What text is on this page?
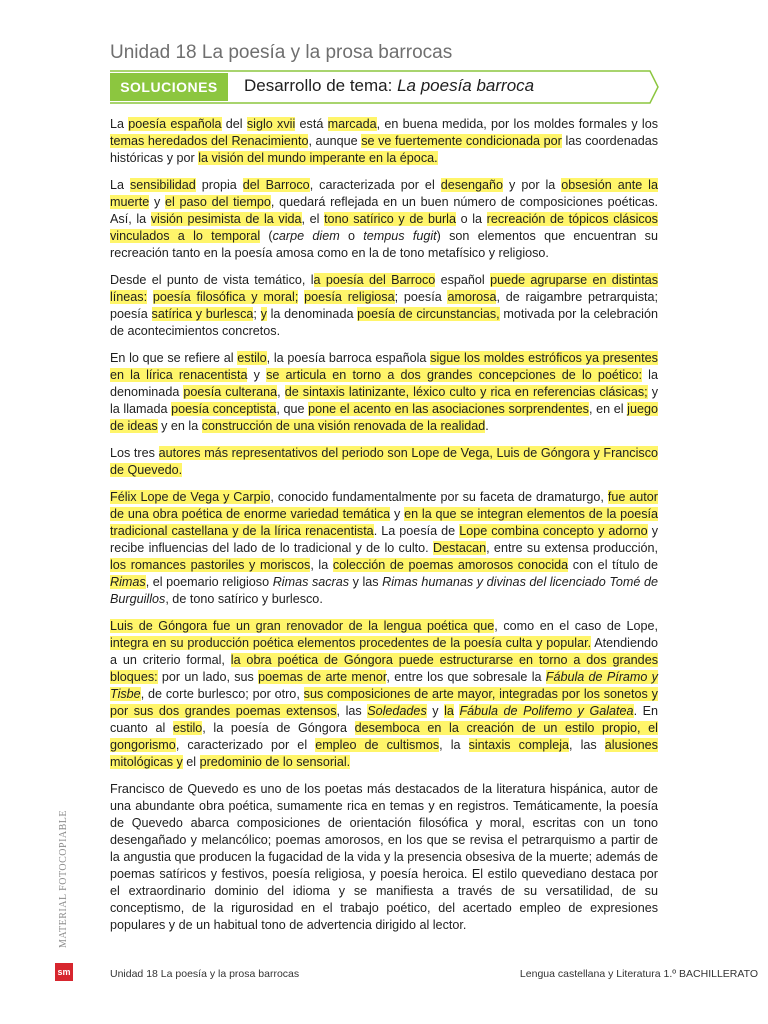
Unidad 18 La poesía y la prosa barrocas
SOLUCIONES	Desarrollo de tema: La poesía barroca

La poesía española del siglo xvii está marcada, en buena medida, por los moldes formales y los temas heredados del Renacimiento, aunque se ve fuertemente condicionada por las coordenadas históricas y por la visión del mundo imperante en la época.

La sensibilidad propia del Barroco, caracterizada por el desengaño y por la obsesión ante la muerte y el paso del tiempo, quedará reflejada en un buen número de composiciones poéticas. Así, la visión pesimista de la vida, el tono satírico y de burla o la recreación de tópicos clásicos vinculados a lo temporal (carpe diem o tempus fugit) son elementos que encuentran su recreación tanto en la poesía amosa como en la de tono metafísico y religioso.

Desde el punto de vista temático, la poesía del Barroco español puede agruparse en distintas líneas: poesía filosófica y moral; poesía religiosa; poesía amorosa, de raigambre petrarquista; poesía satírica y burlesca; y la denominada poesía de circunstancias, motivada por la celebración de acontecimientos concretos.

En lo que se refiere al estilo, la poesía barroca española sigue los moldes estróficos ya presentes en la lírica renacentista y se articula en torno a dos grandes concepciones de lo poético: la denominada poesía culterana, de sintaxis latinizante, léxico culto y rica en referencias clásicas; y la llamada poesía conceptista, que pone el acento en las asociaciones sorprendentes, en el juego de ideas y en la construcción de una visión renovada de la realidad.

Los tres autores más representativos del periodo son Lope de Vega, Luis de Góngora y Francisco de Quevedo.

Félix Lope de Vega y Carpio, conocido fundamentalmente por su faceta de dramaturgo, fue autor de una obra poética de enorme variedad temática y en la que se integran elementos de la poesía tradicional castellana y de la lírica renacentista. La poesía de Lope combina concepto y adorno y recibe influencias del lado de lo tradicional y de lo culto. Destacan, entre su extensa producción, los romances pastoriles y moriscos, la colección de poemas amorosos conocida con el título de Rimas, el poemario religioso Rimas sacras y las Rimas humanas y divinas del licenciado Tomé de Burguillos, de tono satírico y burlesco.

Luis de Góngora fue un gran renovador de la lengua poética que, como en el caso de Lope, integra en su producción poética elementos procedentes de la poesía culta y popular. Atendiendo a un criterio formal, la obra poética de Góngora puede estructurarse en torno a dos grandes bloques: por un lado, sus poemas de arte menor, entre los que sobresale la Fábula de Píramo y Tisbe, de corte burlesco; por otro, sus composiciones de arte mayor, integradas por los sonetos y por sus dos grandes poemas extensos, las Soledades y la Fábula de Polifemo y Galatea. En cuanto al estilo, la poesía de Góngora desemboca en la creación de un estilo propio, el gongorismo, caracterizado por el empleo de cultismos, la sintaxis compleja, las alusiones mitológicas y el predominio de lo sensorial.

Francisco de Quevedo es uno de los poetas más destacados de la literatura hispánica, autor de una abundante obra poética, sumamente rica en temas y en registros. Temáticamente, la poesía de Quevedo abarca composiciones de orientación filosófica y moral, escritas con un tono desengañado y melancólico; poemas amorosos, en los que se revisa el petrarquismo a partir de la angustia que producen la fugacidad de la vida y la presencia obsesiva de la muerte; además de poemas satíricos y festivos, poesía religiosa, y poesía heroica. El estilo quevediano destaca por el extraordinario dominio del idioma y se manifiesta a través de su versatilidad, de su conceptismo, de la rigurosidad en el trabajo poético, del acertado empleo de expresiones populares y de un habitual tono de advertencia dirigido al lector.

MATERIAL FOTOCOPIABLE
sm	Unidad 18 La poesía y la prosa barrocas	Lengua castellana y Literatura 1.º BACHILLERATO
